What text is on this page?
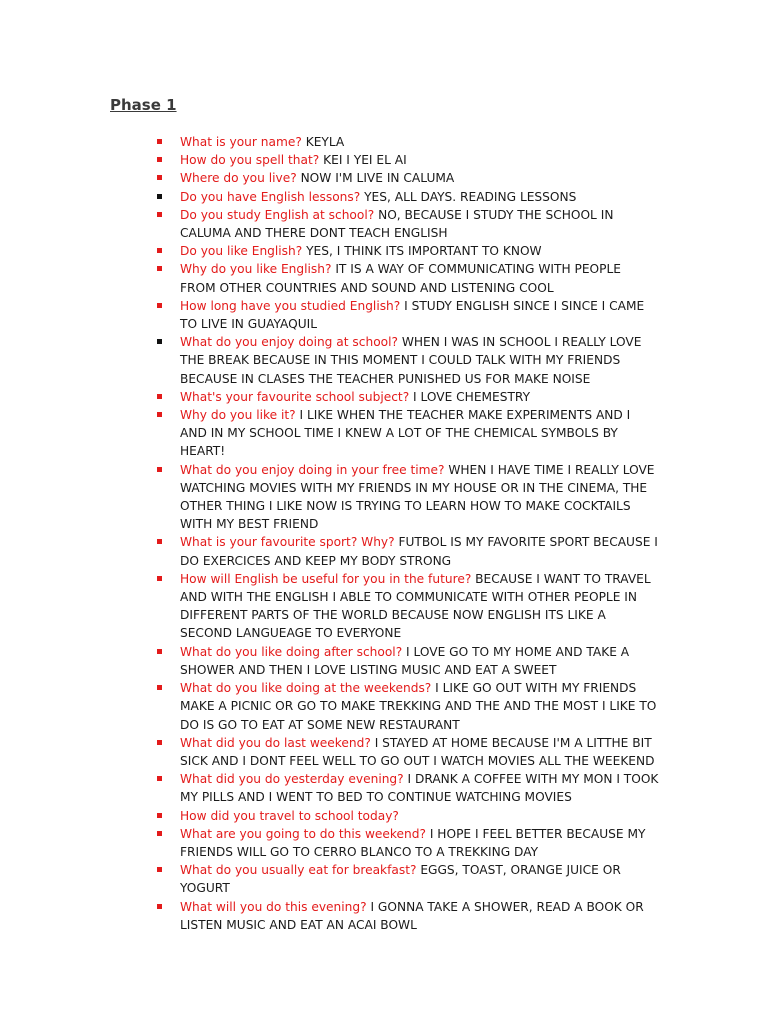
Phase 1
What is your name? KEYLA
How do you spell that? KEI I YEI EL AI
Where do you live? NOW I'M LIVE IN CALUMA
Do you have English lessons? YES, ALL DAYS. READING LESSONS
Do you study English at school? NO, BECAUSE I STUDY THE SCHOOL IN CALUMA AND THERE DONT TEACH ENGLISH
Do you like English? YES, I THINK ITS IMPORTANT TO KNOW
Why do you like English? IT IS A WAY OF COMMUNICATING WITH PEOPLE FROM OTHER COUNTRIES AND SOUND AND LISTENING COOL
How long have you studied English? I STUDY ENGLISH SINCE I SINCE I CAME TO LIVE IN GUAYAQUIL
What do you enjoy doing at school? WHEN I WAS IN SCHOOL I REALLY LOVE THE BREAK BECAUSE IN THIS MOMENT I COULD TALK WITH MY FRIENDS BECAUSE IN CLASES THE TEACHER PUNISHED US FOR MAKE NOISE
What's your favourite school subject? I LOVE CHEMESTRY
Why do you like it? I LIKE WHEN THE TEACHER MAKE EXPERIMENTS AND I AND IN MY SCHOOL TIME I KNEW A LOT OF THE CHEMICAL SYMBOLS BY HEART!
What do you enjoy doing in your free time? WHEN I HAVE TIME I REALLY LOVE WATCHING MOVIES WITH MY FRIENDS IN MY HOUSE OR IN THE CINEMA, THE OTHER THING I LIKE NOW IS TRYING TO LEARN HOW TO MAKE COCKTAILS WITH MY BEST FRIEND
What is your favourite sport? Why? FUTBOL IS MY FAVORITE SPORT BECAUSE I DO EXERCICES AND KEEP MY BODY STRONG
How will English be useful for you in the future? BECAUSE I WANT TO TRAVEL AND WITH THE ENGLISH I ABLE TO COMMUNICATE WITH OTHER PEOPLE IN DIFFERENT PARTS OF THE WORLD BECAUSE NOW ENGLISH ITS LIKE A SECOND LANGUEAGE TO EVERYONE
What do you like doing after school? I LOVE GO TO MY HOME AND TAKE A SHOWER AND THEN I LOVE LISTING MUSIC AND EAT A SWEET
What do you like doing at the weekends? I LIKE GO OUT WITH MY FRIENDS MAKE A PICNIC OR GO TO MAKE TREKKING AND THE AND THE MOST I LIKE TO DO IS GO TO EAT AT SOME NEW RESTAURANT
What did you do last weekend? I STAYED AT HOME BECAUSE I'M A LITTHE BIT SICK AND I DONT FEEL WELL TO GO OUT I WATCH MOVIES ALL THE WEEKEND
What did you do yesterday evening? I DRANK A COFFEE WITH MY MON I TOOK MY PILLS AND I WENT TO BED TO CONTINUE WATCHING MOVIES
How did you travel to school today?
What are you going to do this weekend? I HOPE I FEEL BETTER BECAUSE MY FRIENDS WILL GO TO CERRO BLANCO TO A TREKKING DAY
What do you usually eat for breakfast? EGGS, TOAST, ORANGE JUICE OR YOGURT
What will you do this evening? I GONNA TAKE A SHOWER, READ A BOOK OR LISTEN MUSIC AND EAT AN ACAI BOWL
